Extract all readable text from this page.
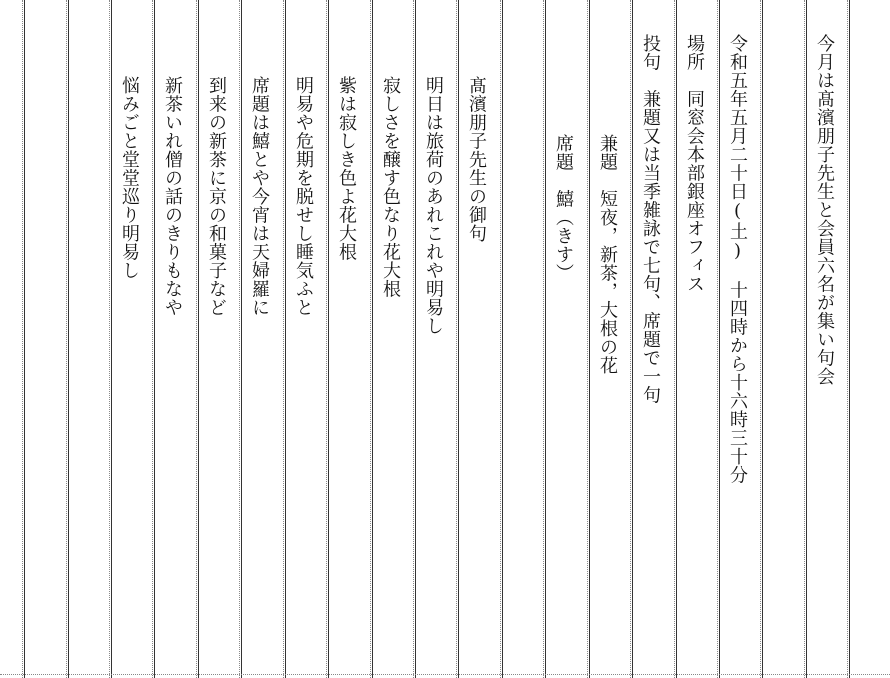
今月は髙濱朋子先生と会員六名が集い句会
令和五年五月二十日(土)　十四時から十六時三十分
場所　同窓会本部銀座オフィス
投句　兼題又は当季雑詠で七句、席題で一句
兼題　短夜，新茶，大根の花
席題　鱚（きす）
髙濱朋子先生の御句
明日は旅荷のあれこれや明易し
寂しさを醸す色なり花大根
紫は寂しき色よ花大根
明易や危期を脱せし睡気ふと
席題は鱚とや今宵は天婦羅に
到来の新茶に京の和菓子など
新茶いれ僧の話のきりもなや
悩みごと堂堂巡り明易し
